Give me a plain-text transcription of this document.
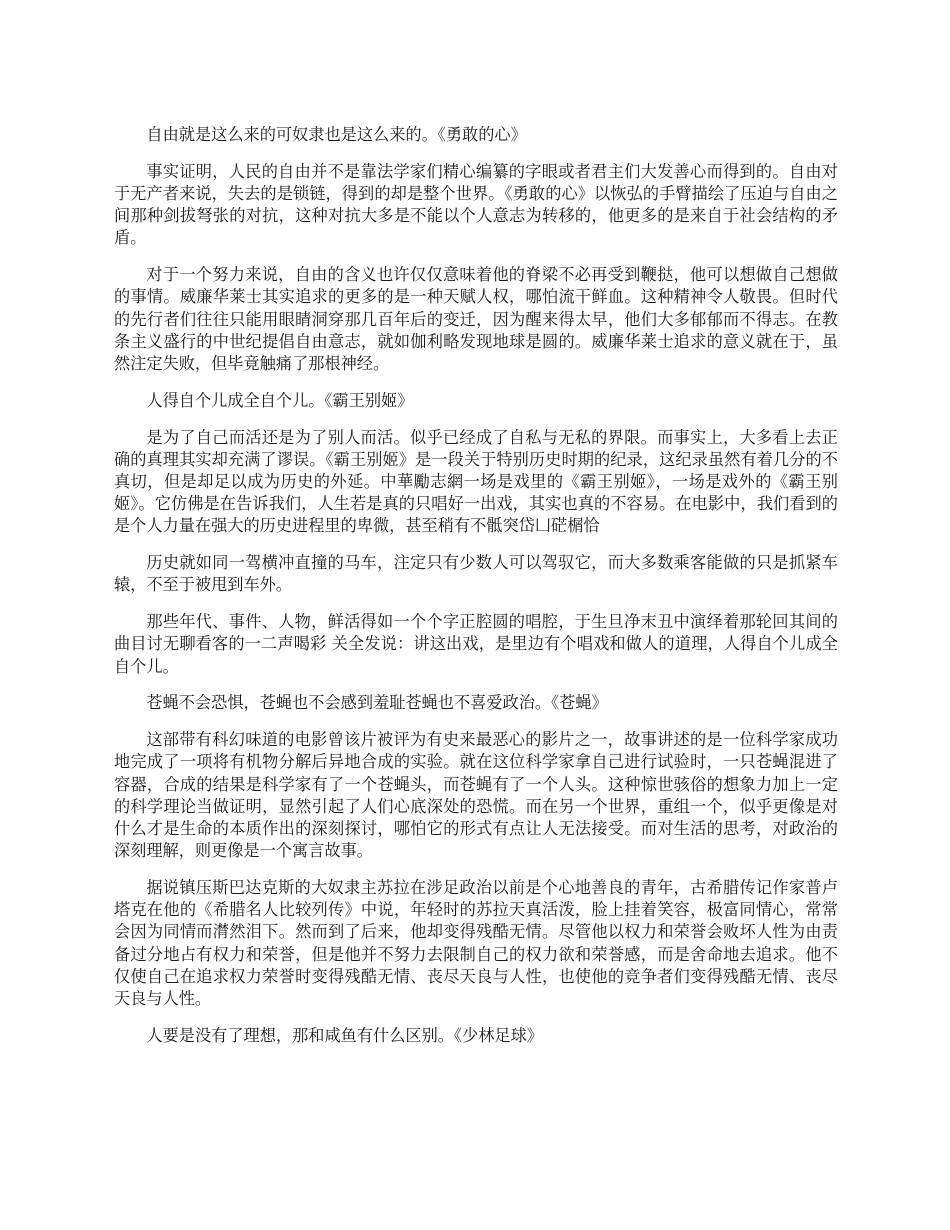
自由就是这么来的可奴隶也是这么来的。《勇敢的心》

事实证明，人民的自由并不是靠法学家们精心编纂的字眼或者君主们大发善心而得到的。自由对于无产者来说，失去的是锁链，得到的却是整个世界。《勇敢的心》以恢弘的手臂描绘了压迫与自由之间那种剑拔弩张的对抗，这种对抗大多是不能以个人意志为转移的，他更多的是来自于社会结构的矛盾。

对于一个努力来说，自由的含义也许仅仅意味着他的脊梁不必再受到鞭挞，他可以想做自己想做的事情。威廉华莱士其实追求的更多的是一种天赋人权，哪怕流干鲜血。这种精神令人敬畏。但时代的先行者们往往只能用眼睛洞穿那几百年后的变迁，因为醒来得太早，他们大多郁郁而不得志。在教条主义盛行的中世纪提倡自由意志，就如伽利略发现地球是圆的。威廉华莱士追求的意义就在于，虽然注定失败，但毕竟触痛了那根神经。

人得自个儿成全自个儿。《霸王别姬》

是为了自己而活还是为了别人而活。似乎已经成了自私与无私的界限。而事实上，大多看上去正确的真理其实却充满了谬误。《霸王别姬》是一段关于特别历史时期的纪录，这纪录虽然有着几分的不真切，但是却足以成为历史的外延。中華勵志網一场是戏里的《霸王别姬》，一场是戏外的《霸王别姬》。它仿佛是在告诉我们，人生若是真的只唱好一出戏，其实也真的不容易。在电影中，我们看到的是个人力量在强大的历史进程里的卑微，甚至稍有不骶突岱凵硭榍恰

历史就如同一驾横冲直撞的马车，注定只有少数人可以驾驭它，而大多数乘客能做的只是抓紧车辕，不至于被甩到车外。

那些年代、事件、人物，鲜活得如一个个字正腔圆的唱腔，于生旦净末丑中演绎着那轮回其间的曲目讨无聊看客的一二声喝彩 关全发说：讲这出戏，是里边有个唱戏和做人的道理，人得自个儿成全自个儿。

苍蝇不会恐惧，苍蝇也不会感到羞耻苍蝇也不喜爱政治。《苍蝇》

这部带有科幻味道的电影曾该片被评为有史来最恶心的影片之一，故事讲述的是一位科学家成功地完成了一项将有机物分解后异地合成的实验。就在这位科学家拿自己进行试验时，一只苍蝇混进了容器，合成的结果是科学家有了一个苍蝇头，而苍蝇有了一个人头。这种惊世骇俗的想象力加上一定的科学理论当做证明，显然引起了人们心底深处的恐慌。而在另一个世界，重组一个，似乎更像是对什么才是生命的本质作出的深刻探讨，哪怕它的形式有点让人无法接受。而对生活的思考，对政治的深刻理解，则更像是一个寓言故事。

据说镇压斯巴达克斯的大奴隶主苏拉在涉足政治以前是个心地善良的青年，古希腊传记作家普卢塔克在他的《希腊名人比较列传》中说，年轻时的苏拉天真活泼，脸上挂着笑容，极富同情心，常常会因为同情而潸然泪下。然而到了后来，他却变得残酷无情。尽管他以权力和荣誉会败坏人性为由责备过分地占有权力和荣誉，但是他并不努力去限制自己的权力欲和荣誉感，而是舍命地去追求。他不仅使自己在追求权力荣誉时变得残酷无情、丧尽天良与人性，也使他的竞争者们变得残酷无情、丧尽天良与人性。

人要是没有了理想，那和咸鱼有什么区别。《少林足球》
